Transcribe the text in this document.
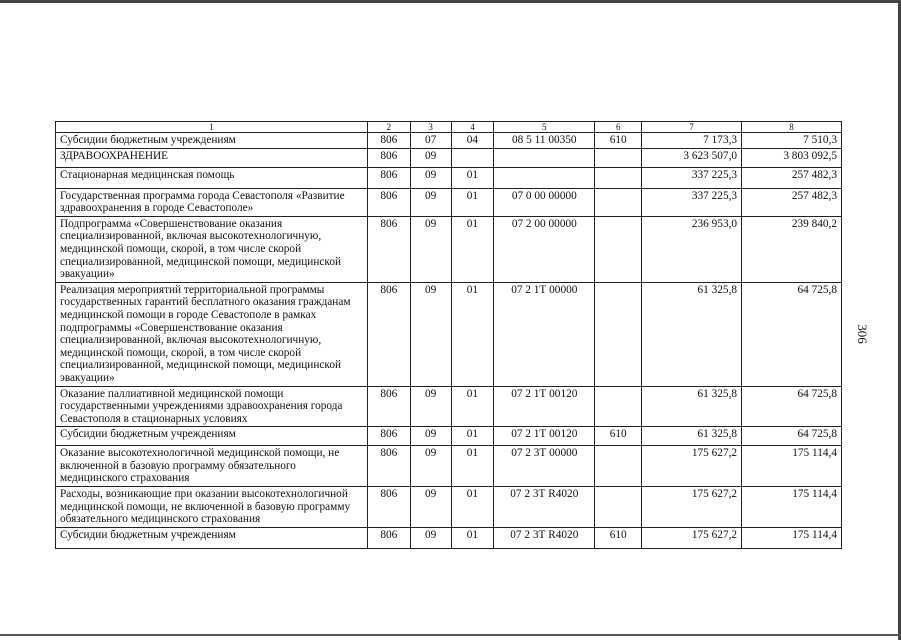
306
1	2	3	4	5	6	7	8
Субсидии бюджетным учреждениям	806	07	04	08 5 11 00350	610	7 173,3	7 510,3
ЗДРАВООХРАНЕНИЕ	806	09				3 623 507,0	3 803 092,5
Стационарная медицинская помощь	806	09	01			337 225,3	257 482,3
Государственная программа города Севастополя «Развитие здравоохранения в городе Севастополе»	806	09	01	07 0 00 00000		337 225,3	257 482,3
Подпрограмма «Совершенствование оказания специализированной, включая высокотехнологичную, медицинской помощи, скорой, в том числе скорой специализированной, медицинской помощи, медицинской эвакуации»	806	09	01	07 2 00 00000		236 953,0	239 840,2
Реализация мероприятий территориальной программы государственных гарантий бесплатного оказания гражданам медицинской помощи в городе Севастополе в рамках подпрограммы «Совершенствование оказания специализированной, включая высокотехнологичную, медицинской помощи, скорой, в том числе скорой специализированной, медицинской помощи, медицинской эвакуации»	806	09	01	07 2 1Т 00000		61 325,8	64 725,8
Оказание паллиативной медицинской помощи государственными учреждениями здравоохранения города Севастополя в стационарных условиях	806	09	01	07 2 1Т 00120		61 325,8	64 725,8
Субсидии бюджетным учреждениям	806	09	01	07 2 1Т 00120	610	61 325,8	64 725,8
Оказание высокотехнологичной медицинской помощи, не включенной в базовую программу обязательного медицинского страхования	806	09	01	07 2 3Т 00000		175 627,2	175 114,4
Расходы, возникающие при оказании высокотехнологичной медицинской помощи, не включенной в базовую программу обязательного медицинского страхования	806	09	01	07 2 3Т R4020		175 627,2	175 114,4
Субсидии бюджетным учреждениям	806	09	01	07 2 3Т R4020	610	175 627,2	175 114,4
